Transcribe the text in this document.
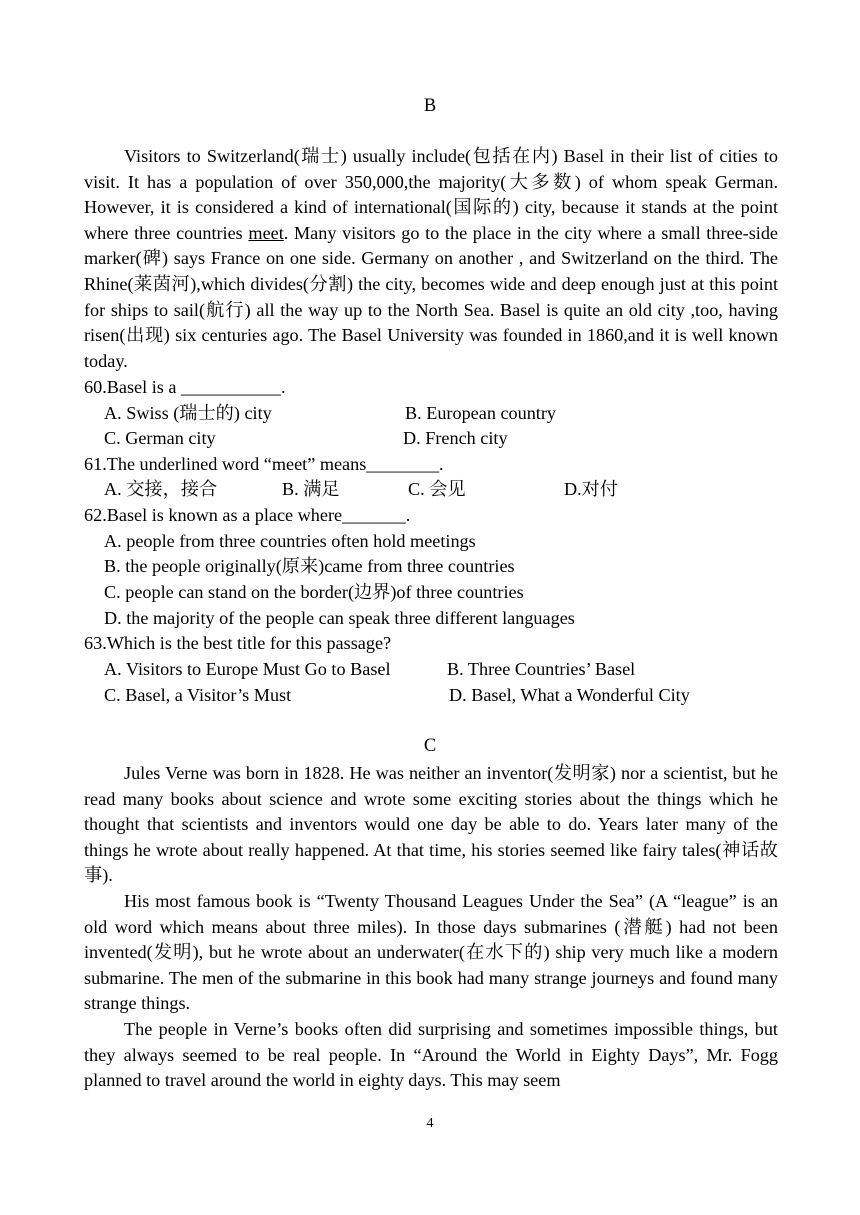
B

Visitors to Switzerland(瑞士) usually include(包括在内) Basel in their list of cities to visit. It has a population of over 350,000,the majority(大多数) of whom speak German. However, it is considered a kind of international(国际的) city, because it stands at the point where three countries meet. Many visitors go to the place in the city where a small three-side marker(碑) says France on one side. Germany on another , and Switzerland on the third. The Rhine(莱茵河),which divides(分割) the city, becomes wide and deep enough just at this point for ships to sail(航行) all the way up to the North Sea. Basel is quite an old city ,too, having risen(出现) six centuries ago. The Basel University was founded in 1860,and it is well known today.

60.Basel is a ___________.
A. Swiss (瑞士的) city	B. European country
C. German city	D. French city
61.The underlined word “meet” means________.
A. 交接，接合	B. 满足	C. 会见	D.对付
62.Basel is known as a place where_______.
A. people from three countries often hold meetings
B. the people originally(原来)came from three countries
C. people can stand on the border(边界)of three countries
D. the majority of the people can speak three different languages
63.Which is the best title for this passage?
A. Visitors to Europe Must Go to Basel	B. Three Countries’ Basel
C. Basel, a Visitor’s Must	D. Basel, What a Wonderful City
C

Jules Verne was born in 1828. He was neither an inventor(发明家) nor a scientist, but he read many books about science and wrote some exciting stories about the things which he thought that scientists and inventors would one day be able to do. Years later many of the things he wrote about really happened. At that time, his stories seemed like fairy tales(神话故事).

His most famous book is “Twenty Thousand Leagues Under the Sea” (A “league” is an old word which means about three miles). In those days submarines (潜艇) had not been invented(发明), but he wrote about an underwater(在水下的) ship very much like a modern submarine. The men of the submarine in this book had many strange journeys and found many strange things.

The people in Verne’s books often did surprising and sometimes impossible things, but they always seemed to be real people. In “Around the World in Eighty Days”, Mr. Fogg planned to travel around the world in eighty days. This may seem

4
